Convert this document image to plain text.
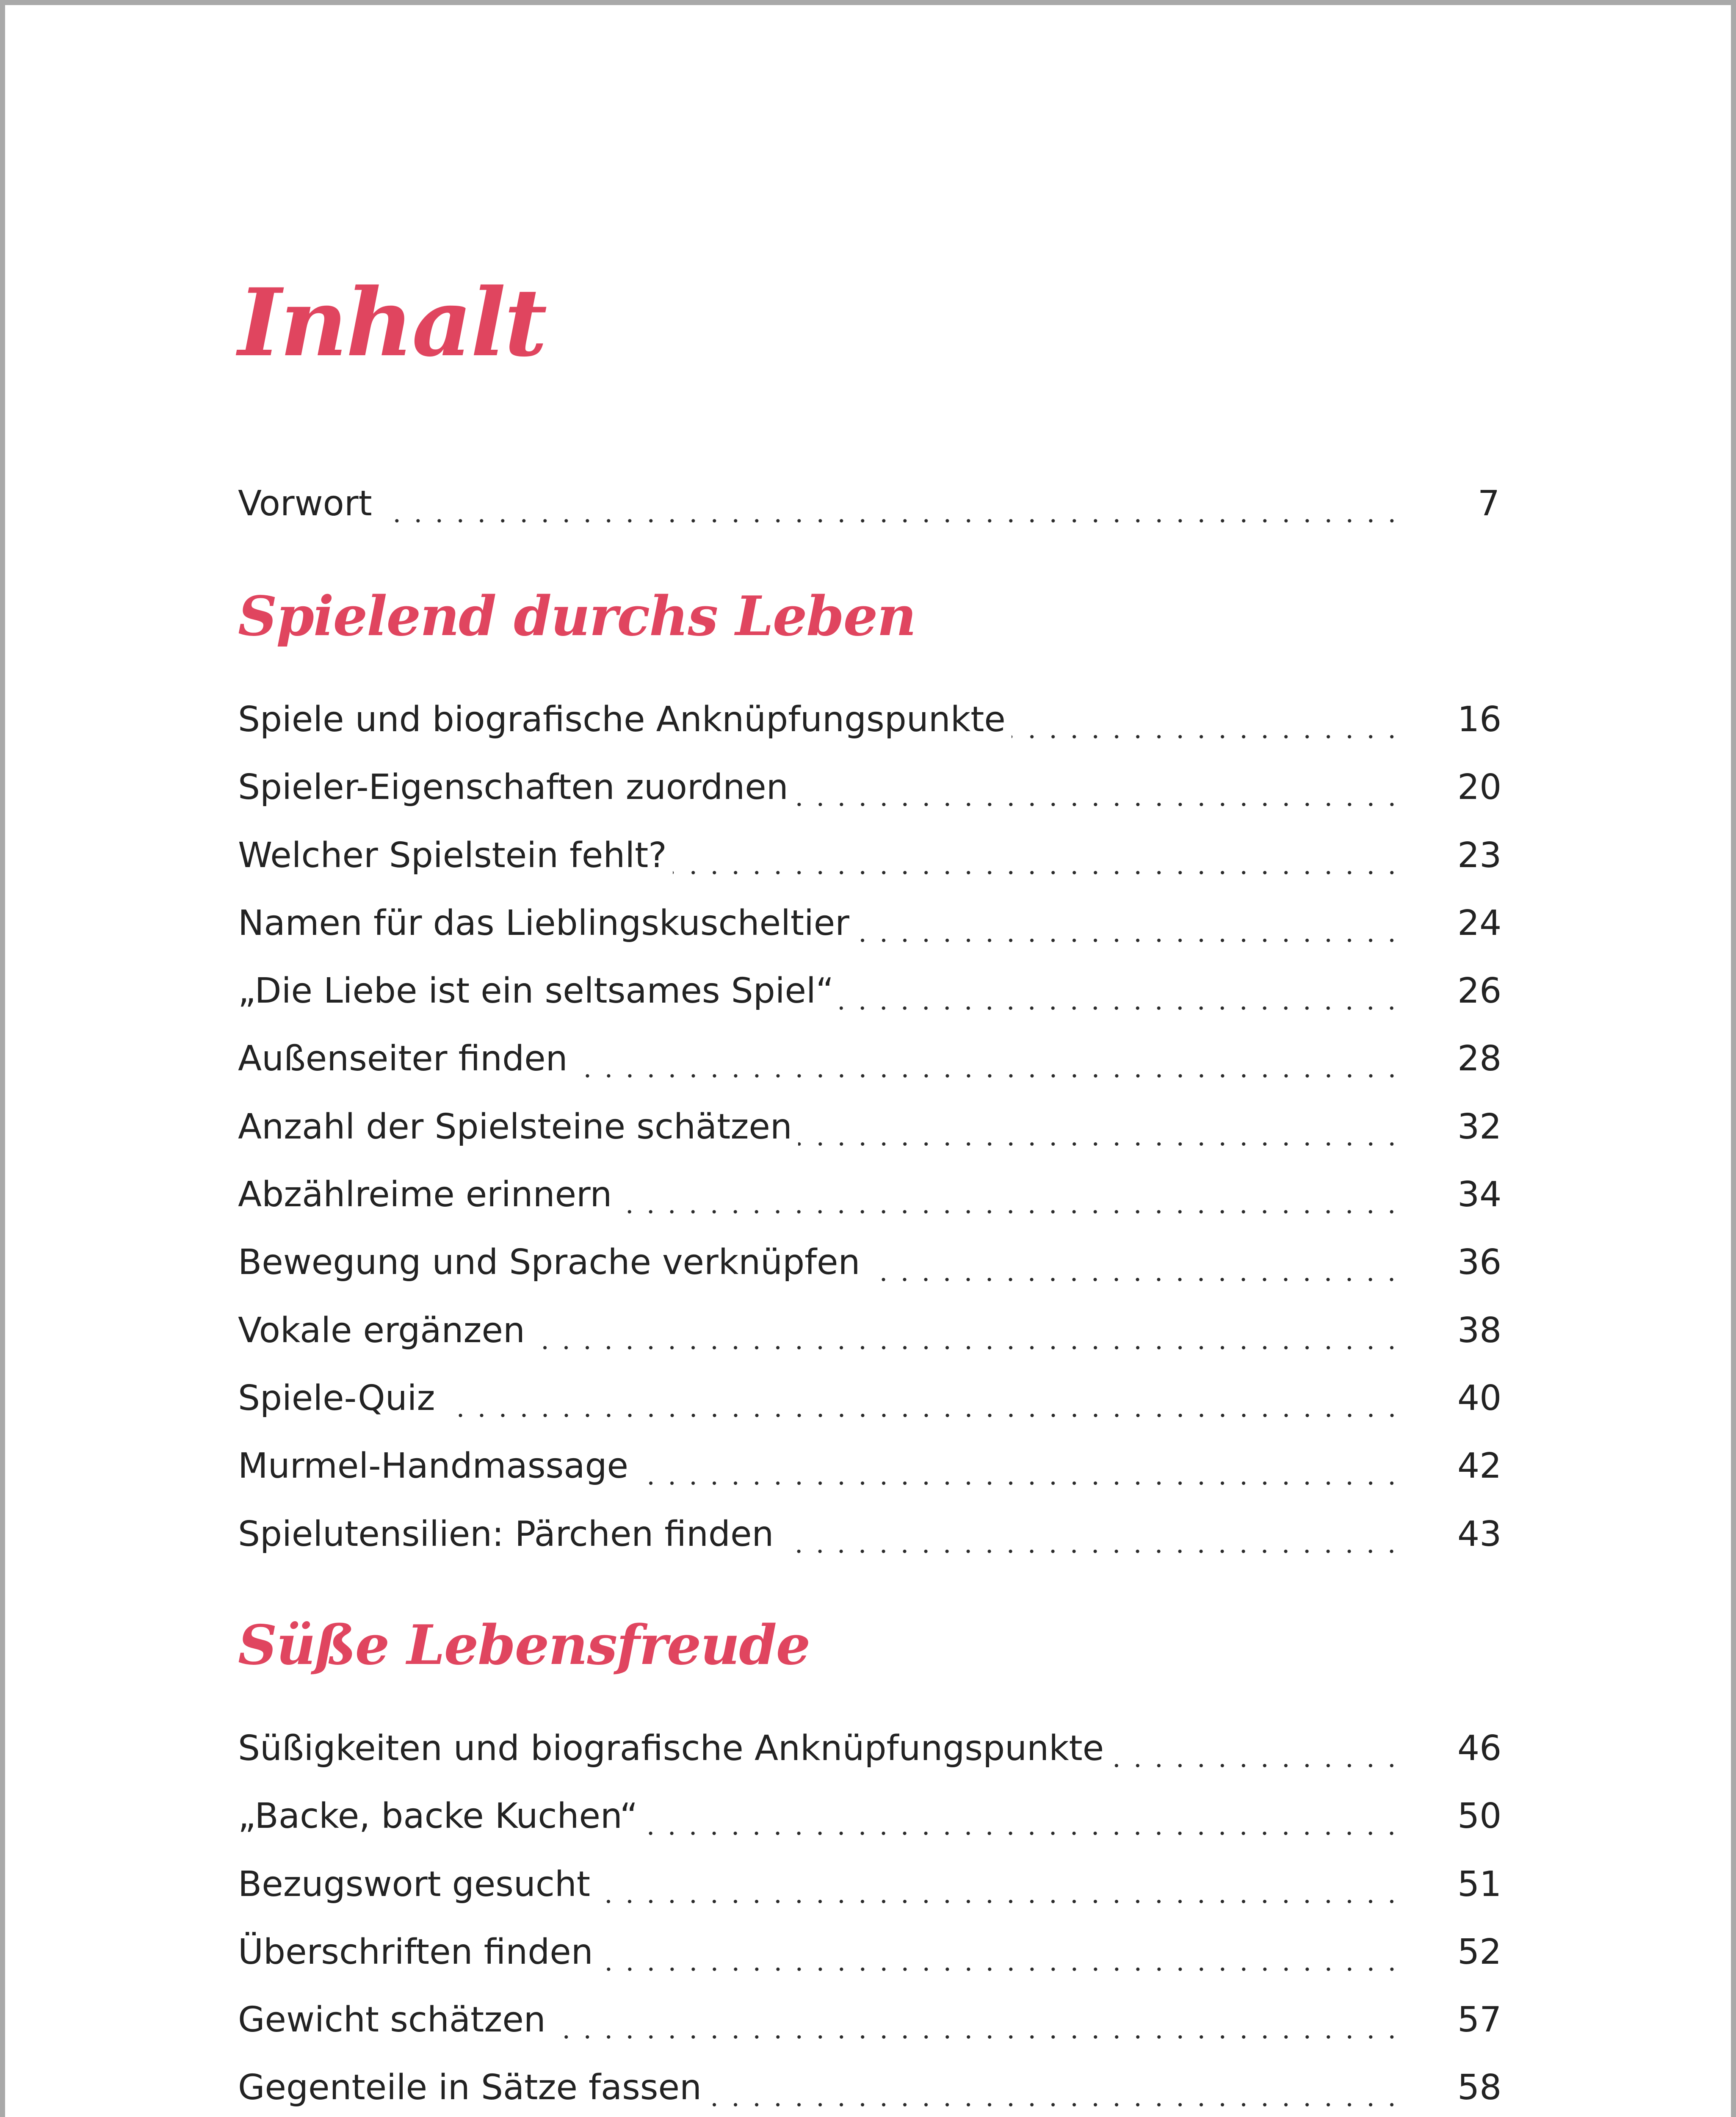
Inhalt
Vorwort	7
Spielend durchs Leben
Spiele und biografische Anknüpfungspunkte	16
Spieler-Eigenschaften zuordnen	20
Welcher Spielstein fehlt?	23
Namen für das Lieblingskuscheltier	24
„Die Liebe ist ein seltsames Spiel“	26
Außenseiter finden	28
Anzahl der Spielsteine schätzen	32
Abzählreime erinnern	34
Bewegung und Sprache verknüpfen	36
Vokale ergänzen	38
Spiele-Quiz	40
Murmel-Handmassage	42
Spielutensilien: Pärchen finden	43
Süße Lebensfreude
Süßigkeiten und biografische Anknüpfungspunkte	46
„Backe, backe Kuchen“	50
Bezugswort gesucht	51
Überschriften finden	52
Gewicht schätzen	57
Gegenteile in Sätze fassen	58
